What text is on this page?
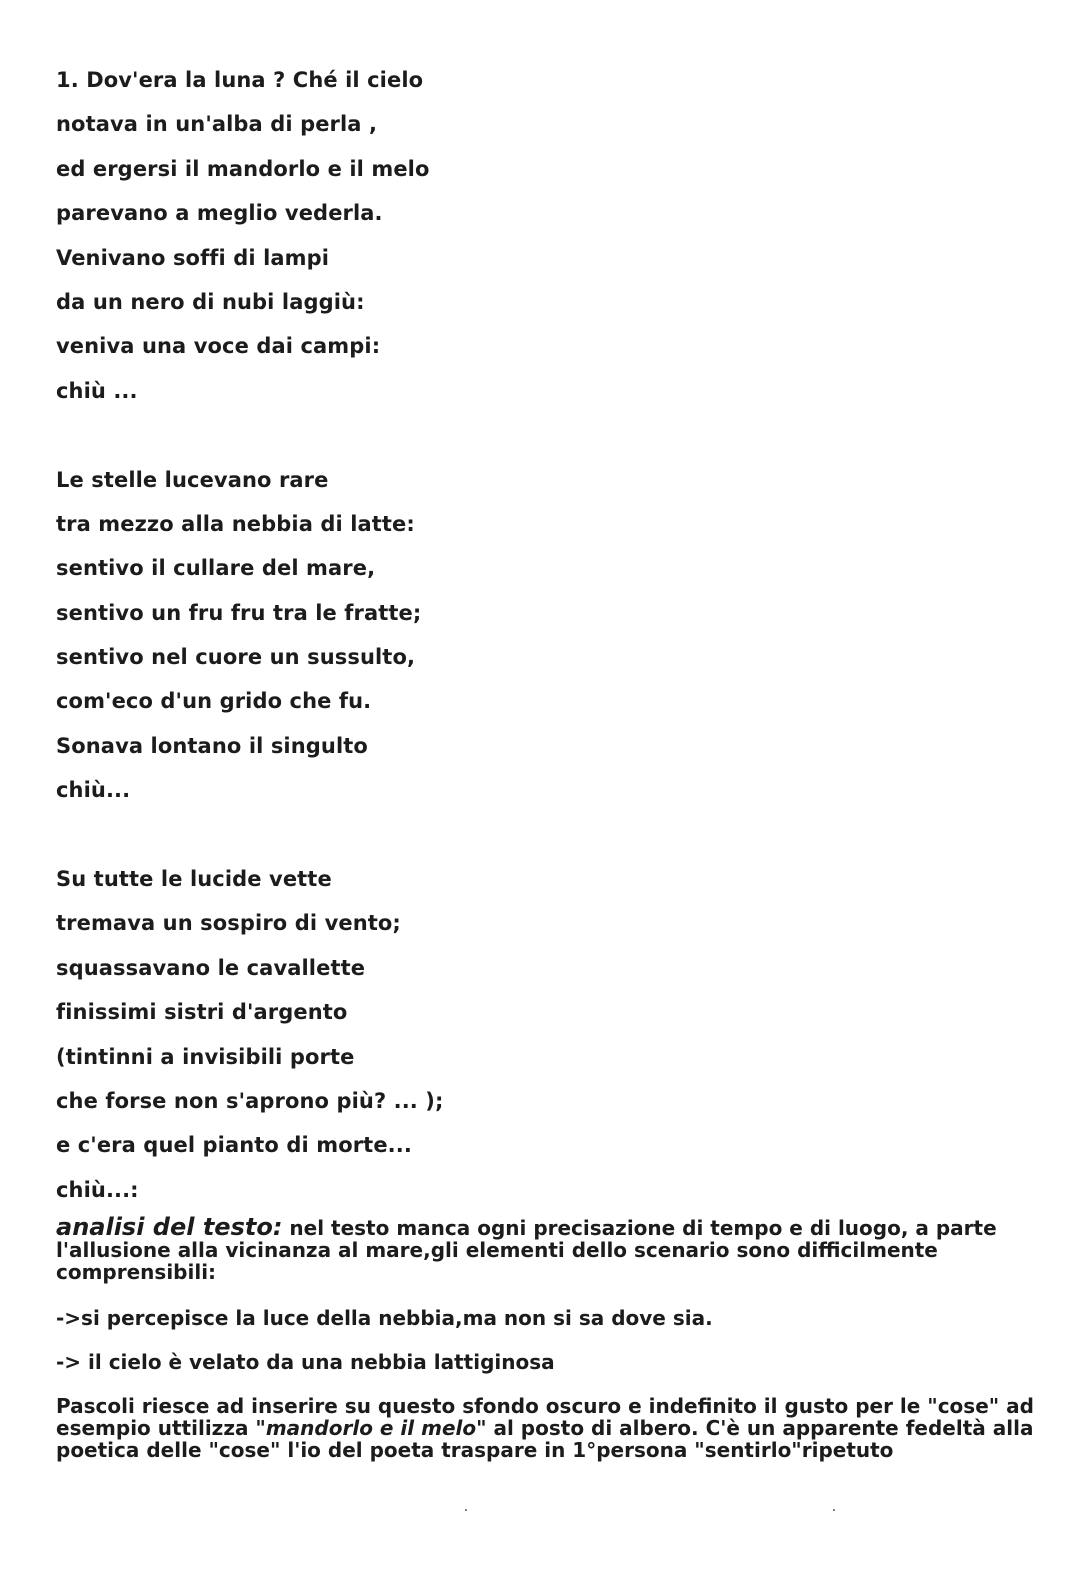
1. Dov'era la luna ? Ché il cielo
notava in un'alba di perla ,
ed ergersi il mandorlo e il melo
parevano a meglio vederla.
Venivano soffi di lampi
da un nero di nubi laggiù:
veniva una voce dai campi:
chiù ...
Le stelle lucevano rare
tra mezzo alla nebbia di latte:
sentivo il cullare del mare,
sentivo un fru fru tra le fratte;
sentivo nel cuore un sussulto,
com'eco d'un grido che fu.
Sonava lontano il singulto
chiù...
Su tutte le lucide vette
tremava un sospiro di vento;
squassavano le cavallette
finissimi sistri d'argento
(tintinni a invisibili porte
che forse non s'aprono più? ... );
e c'era quel pianto di morte...
chiù...:

analisi del testo: nel testo manca ogni precisazione di tempo e di luogo, a parte l'allusione alla vicinanza al mare,gli elementi dello scenario sono difficilmente comprensibili:

->si percepisce la luce della nebbia,ma non si sa dove sia.

-> il cielo è velato da una nebbia lattiginosa

Pascoli riesce ad inserire su questo sfondo oscuro e indefinito il gusto per le "cose" ad esempio uttilizza "mandorlo e il melo" al posto di albero. C'è un apparente fedeltà alla poetica delle "cose" l'io del poeta traspare in 1°persona "sentirlo"ripetuto
